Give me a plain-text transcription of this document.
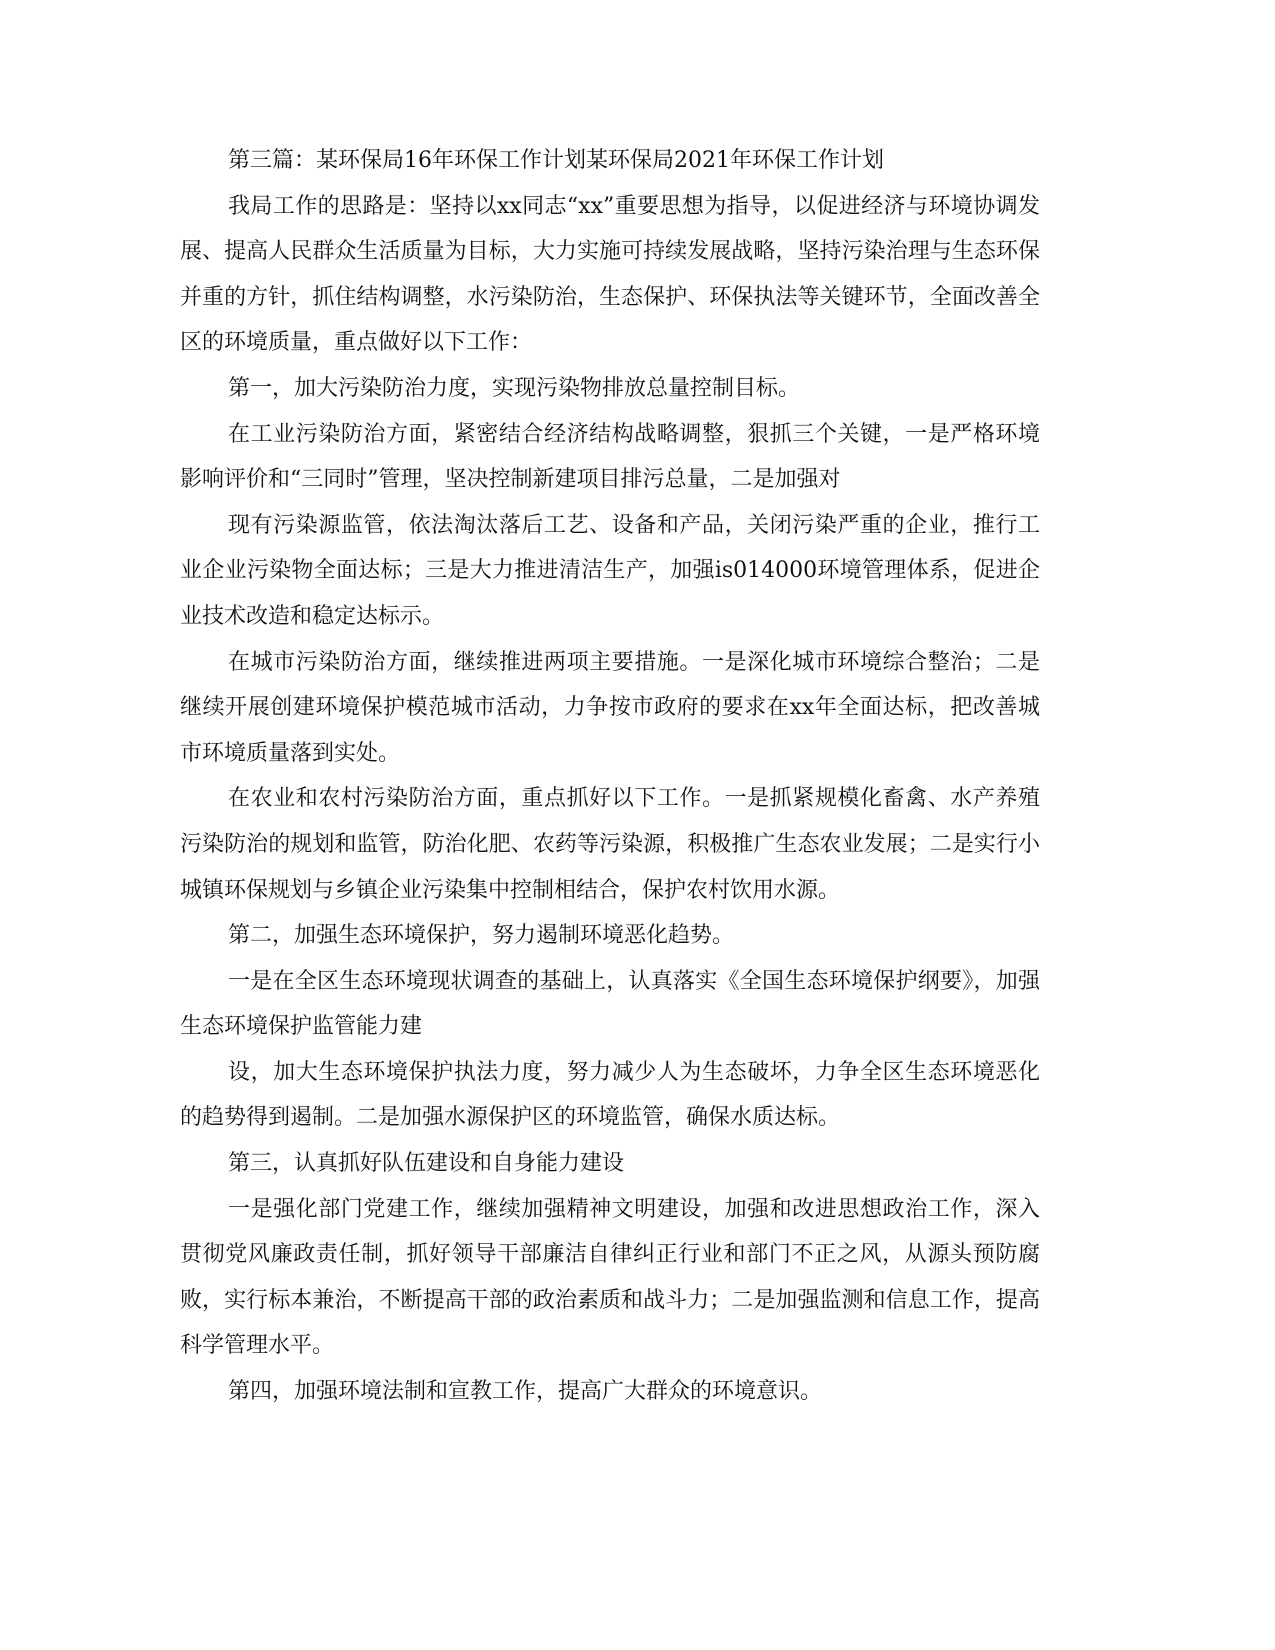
第三篇：某环保局16年环保工作计划某环保局2021年环保工作计划

我局工作的思路是：坚持以xx同志“xx”重要思想为指导，以促进经济与环境协调发展、提高人民群众生活质量为目标，大力实施可持续发展战略，坚持污染治理与生态环保并重的方针，抓住结构调整，水污染防治，生态保护、环保执法等关键环节，全面改善全区的环境质量，重点做好以下工作：

第一，加大污染防治力度，实现污染物排放总量控制目标。

在工业污染防治方面，紧密结合经济结构战略调整，狠抓三个关键，一是严格环境影响评价和“三同时”管理，坚决控制新建项目排污总量，二是加强对

现有污染源监管，依法淘汰落后工艺、设备和产品，关闭污染严重的企业，推行工业企业污染物全面达标；三是大力推进清洁生产，加强is014000环境管理体系，促进企业技术改造和稳定达标示。

在城市污染防治方面，继续推进两项主要措施。一是深化城市环境综合整治；二是继续开展创建环境保护模范城市活动，力争按市政府的要求在xx年全面达标，把改善城市环境质量落到实处。

在农业和农村污染防治方面，重点抓好以下工作。一是抓紧规模化畜禽、水产养殖污染防治的规划和监管，防治化肥、农药等污染源，积极推广生态农业发展；二是实行小城镇环保规划与乡镇企业污染集中控制相结合，保护农村饮用水源。

第二，加强生态环境保护，努力遏制环境恶化趋势。

一是在全区生态环境现状调查的基础上，认真落实《全国生态环境保护纲要》，加强生态环境保护监管能力建

设，加大生态环境保护执法力度，努力减少人为生态破坏，力争全区生态环境恶化的趋势得到遏制。二是加强水源保护区的环境监管，确保水质达标。

第三，认真抓好队伍建设和自身能力建设

一是强化部门党建工作，继续加强精神文明建设，加强和改进思想政治工作，深入贯彻党风廉政责任制，抓好领导干部廉洁自律纠正行业和部门不正之风，从源头预防腐败，实行标本兼治，不断提高干部的政治素质和战斗力；二是加强监测和信息工作，提高科学管理水平。

第四，加强环境法制和宣教工作，提高广大群众的环境意识。
